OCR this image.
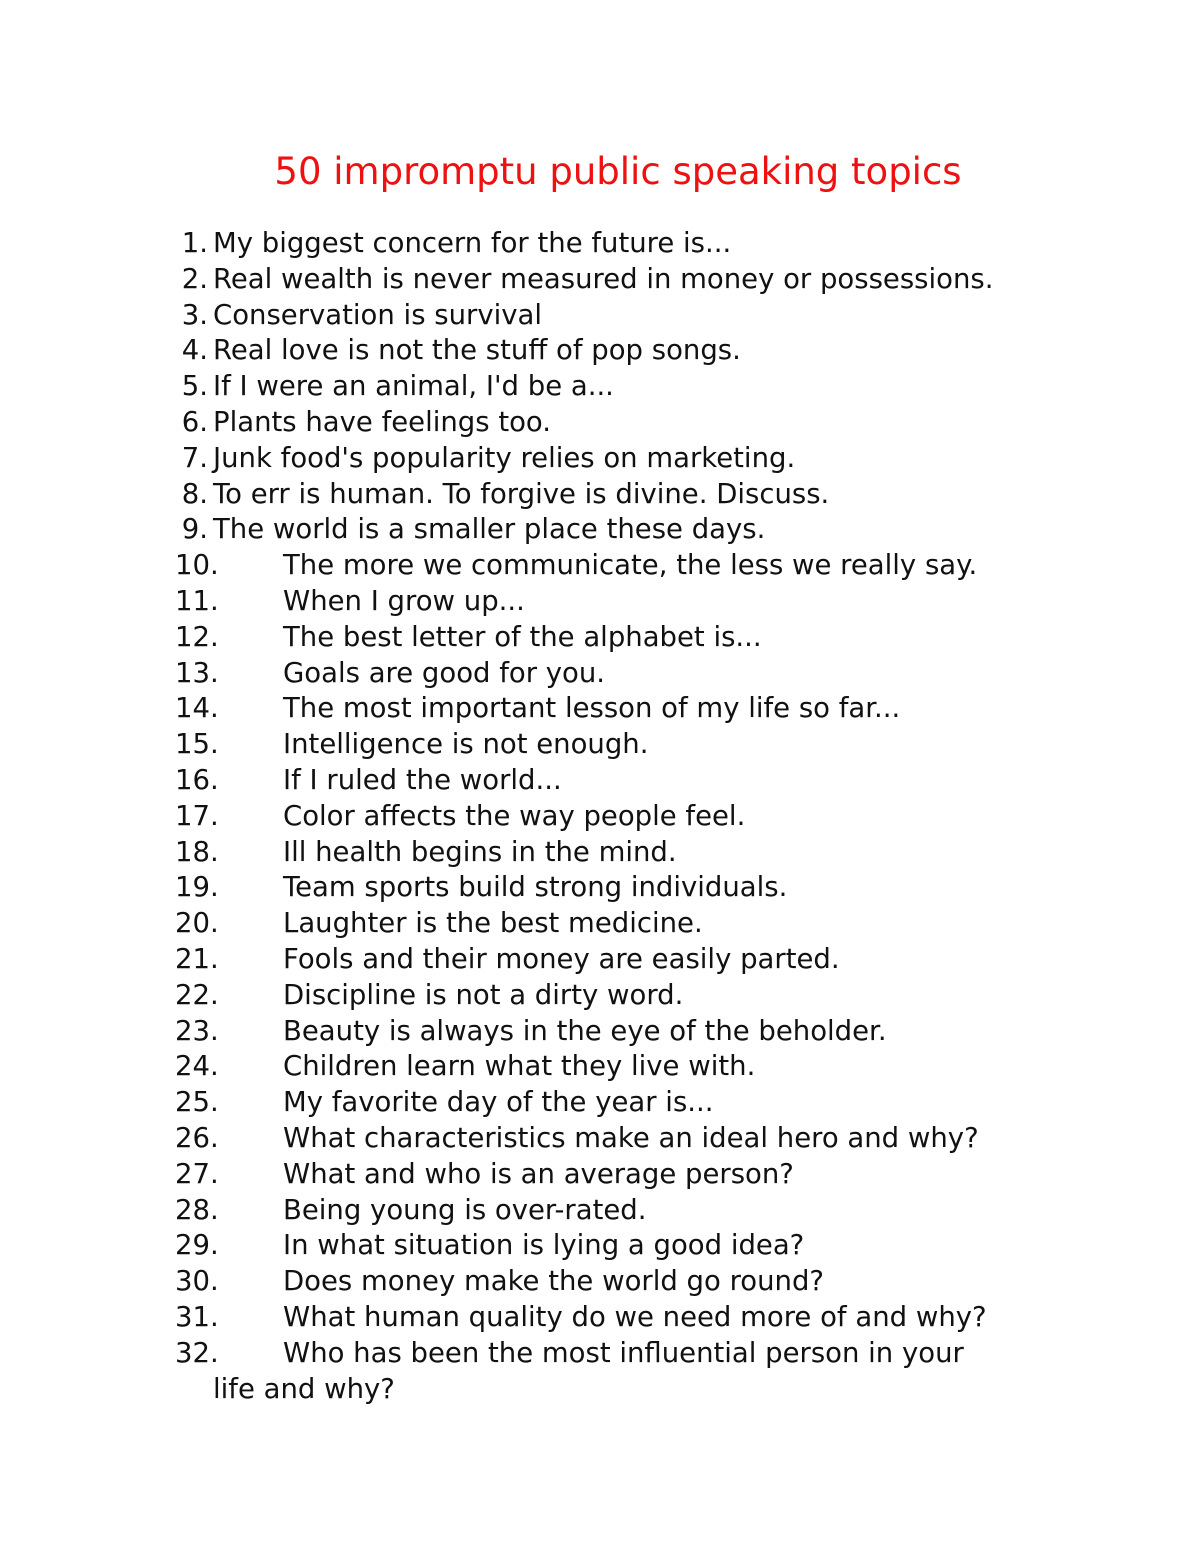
50 impromptu public speaking topics
1. My biggest concern for the future is...
2. Real wealth is never measured in money or possessions.
3. Conservation is survival
4. Real love is not the stuff of pop songs.
5. If I were an animal, I'd be a...
6. Plants have feelings too.
7. Junk food's popularity relies on marketing.
8. To err is human. To forgive is divine. Discuss.
9. The world is a smaller place these days.
10. The more we communicate, the less we really say.
11. When I grow up...
12. The best letter of the alphabet is...
13. Goals are good for you.
14. The most important lesson of my life so far...
15. Intelligence is not enough.
16. If I ruled the world...
17. Color affects the way people feel.
18. Ill health begins in the mind.
19. Team sports build strong individuals.
20. Laughter is the best medicine.
21. Fools and their money are easily parted.
22. Discipline is not a dirty word.
23. Beauty is always in the eye of the beholder.
24. Children learn what they live with.
25. My favorite day of the year is...
26. What characteristics make an ideal hero and why?
27. What and who is an average person?
28. Being young is over-rated.
29. In what situation is lying a good idea?
30. Does money make the world go round?
31. What human quality do we need more of and why?
32. Who has been the most influential person in your
life and why?
